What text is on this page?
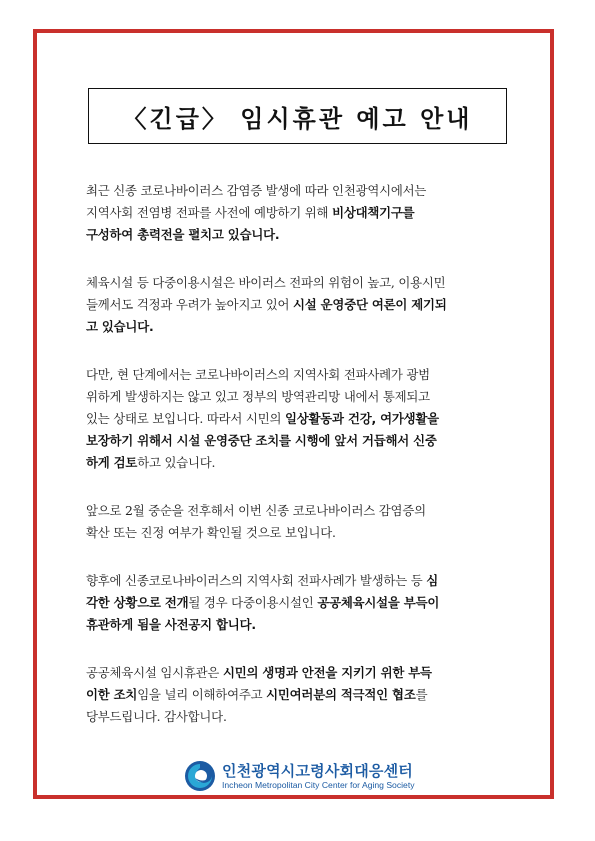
〈긴급〉 임시휴관 예고 안내

최근 신종 코로나바이러스 감염증 발생에 따라 인천광역시에서는
지역사회 전염병 전파를 사전에 예방하기 위해 비상대책기구를
구성하여 총력전을 펼치고 있습니다.

체육시설 등 다중이용시설은 바이러스 전파의 위험이 높고, 이용시민
들께서도 걱정과 우려가 높아지고 있어 시설 운영중단 여론이 제기되
고 있습니다.

다만, 현 단계에서는 코로나바이러스의 지역사회 전파사례가 광범
위하게 발생하지는 않고 있고 정부의 방역관리망 내에서 통제되고
있는 상태로 보입니다. 따라서 시민의 일상활동과 건강, 여가생활을
보장하기 위해서 시설 운영중단 조치를 시행에 앞서 거듭해서 신중
하게 검토하고 있습니다.

앞으로 2월 중순을 전후해서 이번 신종 코로나바이러스 감염증의
확산 또는 진정 여부가 확인될 것으로 보입니다.

향후에 신종코로나바이러스의 지역사회 전파사례가 발생하는 등 심
각한 상황으로 전개될 경우 다중이용시설인 공공체육시설을 부득이
휴관하게 됨을 사전공지 합니다.

공공체육시설 임시휴관은 시민의 생명과 안전을 지키기 위한 부득
이한 조치임을 널리 이해하여주고 시민여러분의 적극적인 협조를
당부드립니다. 감사합니다.

인천광역시고령사회대응센터
Incheon Metropolitan City Center for Aging Society
